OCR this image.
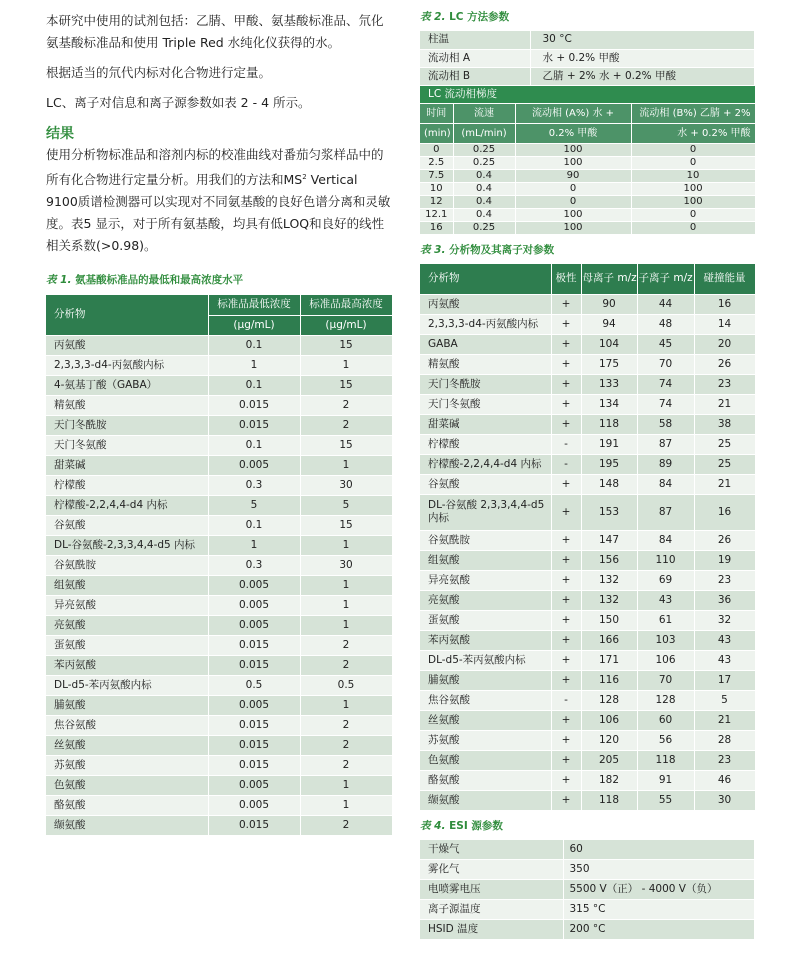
本研究中使用的试剂包括：乙腈、甲酸、氨基酸标准品、氘化氨基酸标准品和使用 Triple Red 水纯化仪获得的水。

根据适当的氘代内标对化合物进行定量。

LC、离子对信息和离子源参数如表 2 - 4 所示。

结果

使用分析物标准品和溶剂内标的校准曲线对番茄匀浆样品中的所有化合物进行定量分析。用我们的方法和$MS^2$ Vertical 9100质谱检测器可以实现对不同氨基酸的良好色谱分离和灵敏度。表5 显示，对于所有氨基酸，均具有低LOQ和良好的线性相关系数(>0.98)。

表 1. 氨基酸标准品的最低和最高浓度水平
分析物	标准品最低浓度	标准品最高浓度
	(µg/mL)	(µg/mL)
丙氨酸	0.1	15
2,3,3,3-d4-丙氨酸内标	1	1
4-氨基丁酸（GABA）	0.1	15
精氨酸	0.015	2
天门冬酰胺	0.015	2
天门冬氨酸	0.1	15
甜菜碱	0.005	1
柠檬酸	0.3	30
柠檬酸-2,2,4,4-d4 内标	5	5
谷氨酸	0.1	15
DL-谷氨酸-2,3,3,4,4-d5 内标	1	1
谷氨酰胺	0.3	30
组氨酸	0.005	1
异亮氨酸	0.005	1
亮氨酸	0.005	1
蛋氨酸	0.015	2
苯丙氨酸	0.015	2
DL-d5-苯丙氨酸内标	0.5	0.5
脯氨酸	0.005	1
焦谷氨酸	0.015	2
丝氨酸	0.015	2
苏氨酸	0.015	2
色氨酸	0.005	1
酪氨酸	0.005	1
缬氨酸	0.015	2
表 2. LC 方法参数
柱温	30 °C
流动相 A	水 + 0.2% 甲酸
流动相 B	乙腈 + 2% 水 + 0.2% 甲酸
LC 流动相梯度			
时间	流速	流动相 (A%) 水 +	流动相 (B%) 乙腈 + 2%
(min)	(mL/min)	0.2% 甲酸	水 + 0.2% 甲酸
0	0.25	100	0
2.5	0.25	100	0
7.5	0.4	90	10
10	0.4	0	100
12	0.4	0	100
12.1	0.4	100	0
16	0.25	100	0
表 3. 分析物及其离子对参数
分析物	极性	母离子 m/z	子离子 m/z	碰撞能量
丙氨酸	+	90	44	16
2,3,3,3-d4-丙氨酸内标	+	94	48	14
GABA	+	104	45	20
精氨酸	+	175	70	26
天门冬酰胺	+	133	74	23
天门冬氨酸	+	134	74	21
甜菜碱	+	118	58	38
柠檬酸	-	191	87	25
柠檬酸-2,2,4,4-d4 内标	-	195	89	25
谷氨酸	+	148	84	21
DL-谷氨酸 2,3,3,4,4-d5 内标	+	153	87	16
谷氨酰胺	+	147	84	26
组氨酸	+	156	110	19
异亮氨酸	+	132	69	23
亮氨酸	+	132	43	36
蛋氨酸	+	150	61	32
苯丙氨酸	+	166	103	43
DL-d5-苯丙氨酸内标	+	171	106	43
脯氨酸	+	116	70	17
焦谷氨酸	-	128	128	5
丝氨酸	+	106	60	21
苏氨酸	+	120	56	28
色氨酸	+	205	118	23
酪氨酸	+	182	91	46
缬氨酸	+	118	55	30
表 4. ESI 源参数
干燥气	60
雾化气	350
电喷雾电压	5500 V（正） - 4000 V（负）
离子源温度	315 °C
HSID 温度	200 °C
